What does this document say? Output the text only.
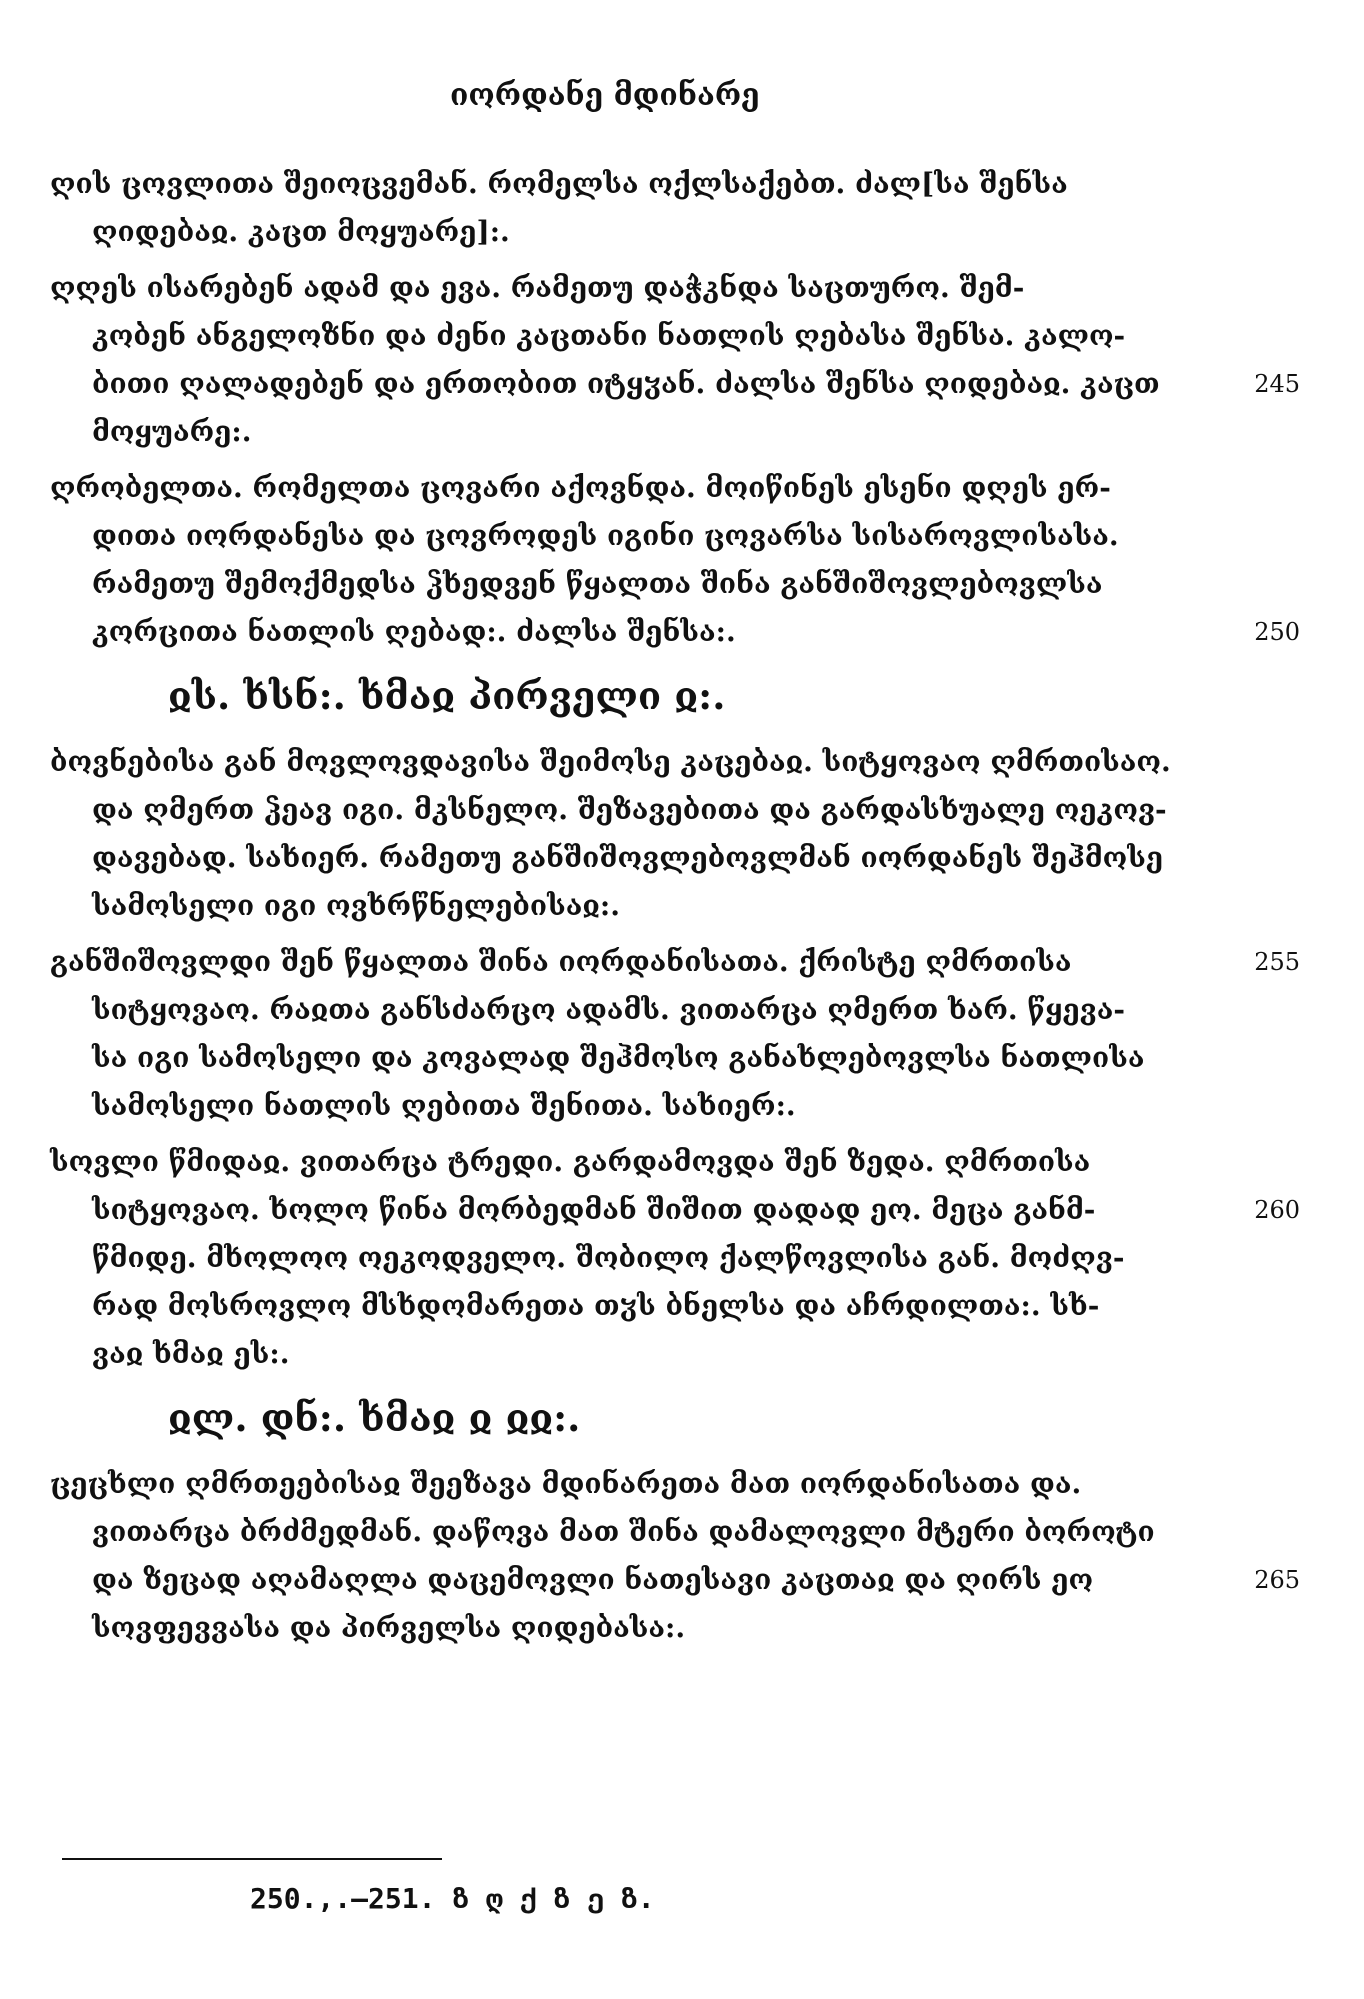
იორდანე მდინარე
ღის ცოვლითა შეიოცვემან. რომელსა ოქლსაქებთ. ძალ[სა შენსა
ღიდებაჲ. კაცთ მოყუარე]:.
ღღეს ისარებენ ადამ და ევა. რამეთუ დაჭკნდა საცთურო. შემ-
კობენ ანგელოზნი და ძენი კაცთანი ნათლის ღებასა შენსა. კალო-
ბითი ღალადებენ და ერთობით იტყჳან. ძალსა შენსა ღიდებაჲ. კაცთ	245
მოყუარე:.
ღრობელთა. რომელთა ცოვარი აქოვნდა. მოიწინეს ესენი დღეს ერ-
დითა იორდანესა და ცოვროდეს იგინი ცოვარსა სისაროვლისასა.
რამეთუ შემოქმედსა ჴხედვენ წყალთა შინა განშიშოვლებოვლსა
კორცითა ნათლის ღებად:. ძალსა შენსა:.	250
ჲს. ხსნ:. ხმაჲ პირველი ჲ:.
ბოვნებისა გან მოვლოვდავისა შეიმოსე კაცებაჲ. სიტყოვაო ღმრთისაო.
და ღმერთ ჴეავ იგი. მკსნელო. შეზავებითა და გარდასხუალე ოეკოვ-
დავებად. სახიერ. რამეთუ განშიშოვლებოვლმან იორდანეს შეჰმოსე
სამოსელი იგი ოვხრწნელებისაჲ:.
განშიშოვლდი შენ წყალთა შინა იორდანისათა. ქრისტე ღმრთისა	255
სიტყოვაო. რაჲთა განსძარცო ადამს. ვითარცა ღმერთ ხარ. წყევა-
სა იგი სამოსელი და კოვალად შეჰმოსო განახლებოვლსა ნათლისა
სამოსელი ნათლის ღებითა შენითა. სახიერ:.
სოვლი წმიდაჲ. ვითარცა ტრედი. გარდამოვდა შენ ზედა. ღმრთისა
სიტყოვაო. ხოლო წინა მორბედმან შიშით დადად ეო. მეცა განმ-	260
წმიდე. მხოლოო ოეკოდველო. შობილო ქალწოვლისა გან. მოძღვ-
რად მოსროვლო მსხდომარეთა თჳს ბნელსა და აჩრდილთა:. სხ-
ვაჲ ხმაჲ ეს:.
ჲლ. დნ:. ხმაჲ ჲ ჲჲ:.
ცეცხლი ღმრთეებისაჲ შეეზავა მდინარეთა მათ იორდანისათა და.
ვითარცა ბრძმედმან. დაწოვა მათ შინა დამალოვლი მტერი ბოროტი
და ზეცად აღამაღლა დაცემოვლი ნათესავი კაცთაჲ და ღირს ეო	265
სოვფევვასა და პირველსა ღიდებასა:.
250.,.—251. ზ ღ ქ ზ ე ზ.
